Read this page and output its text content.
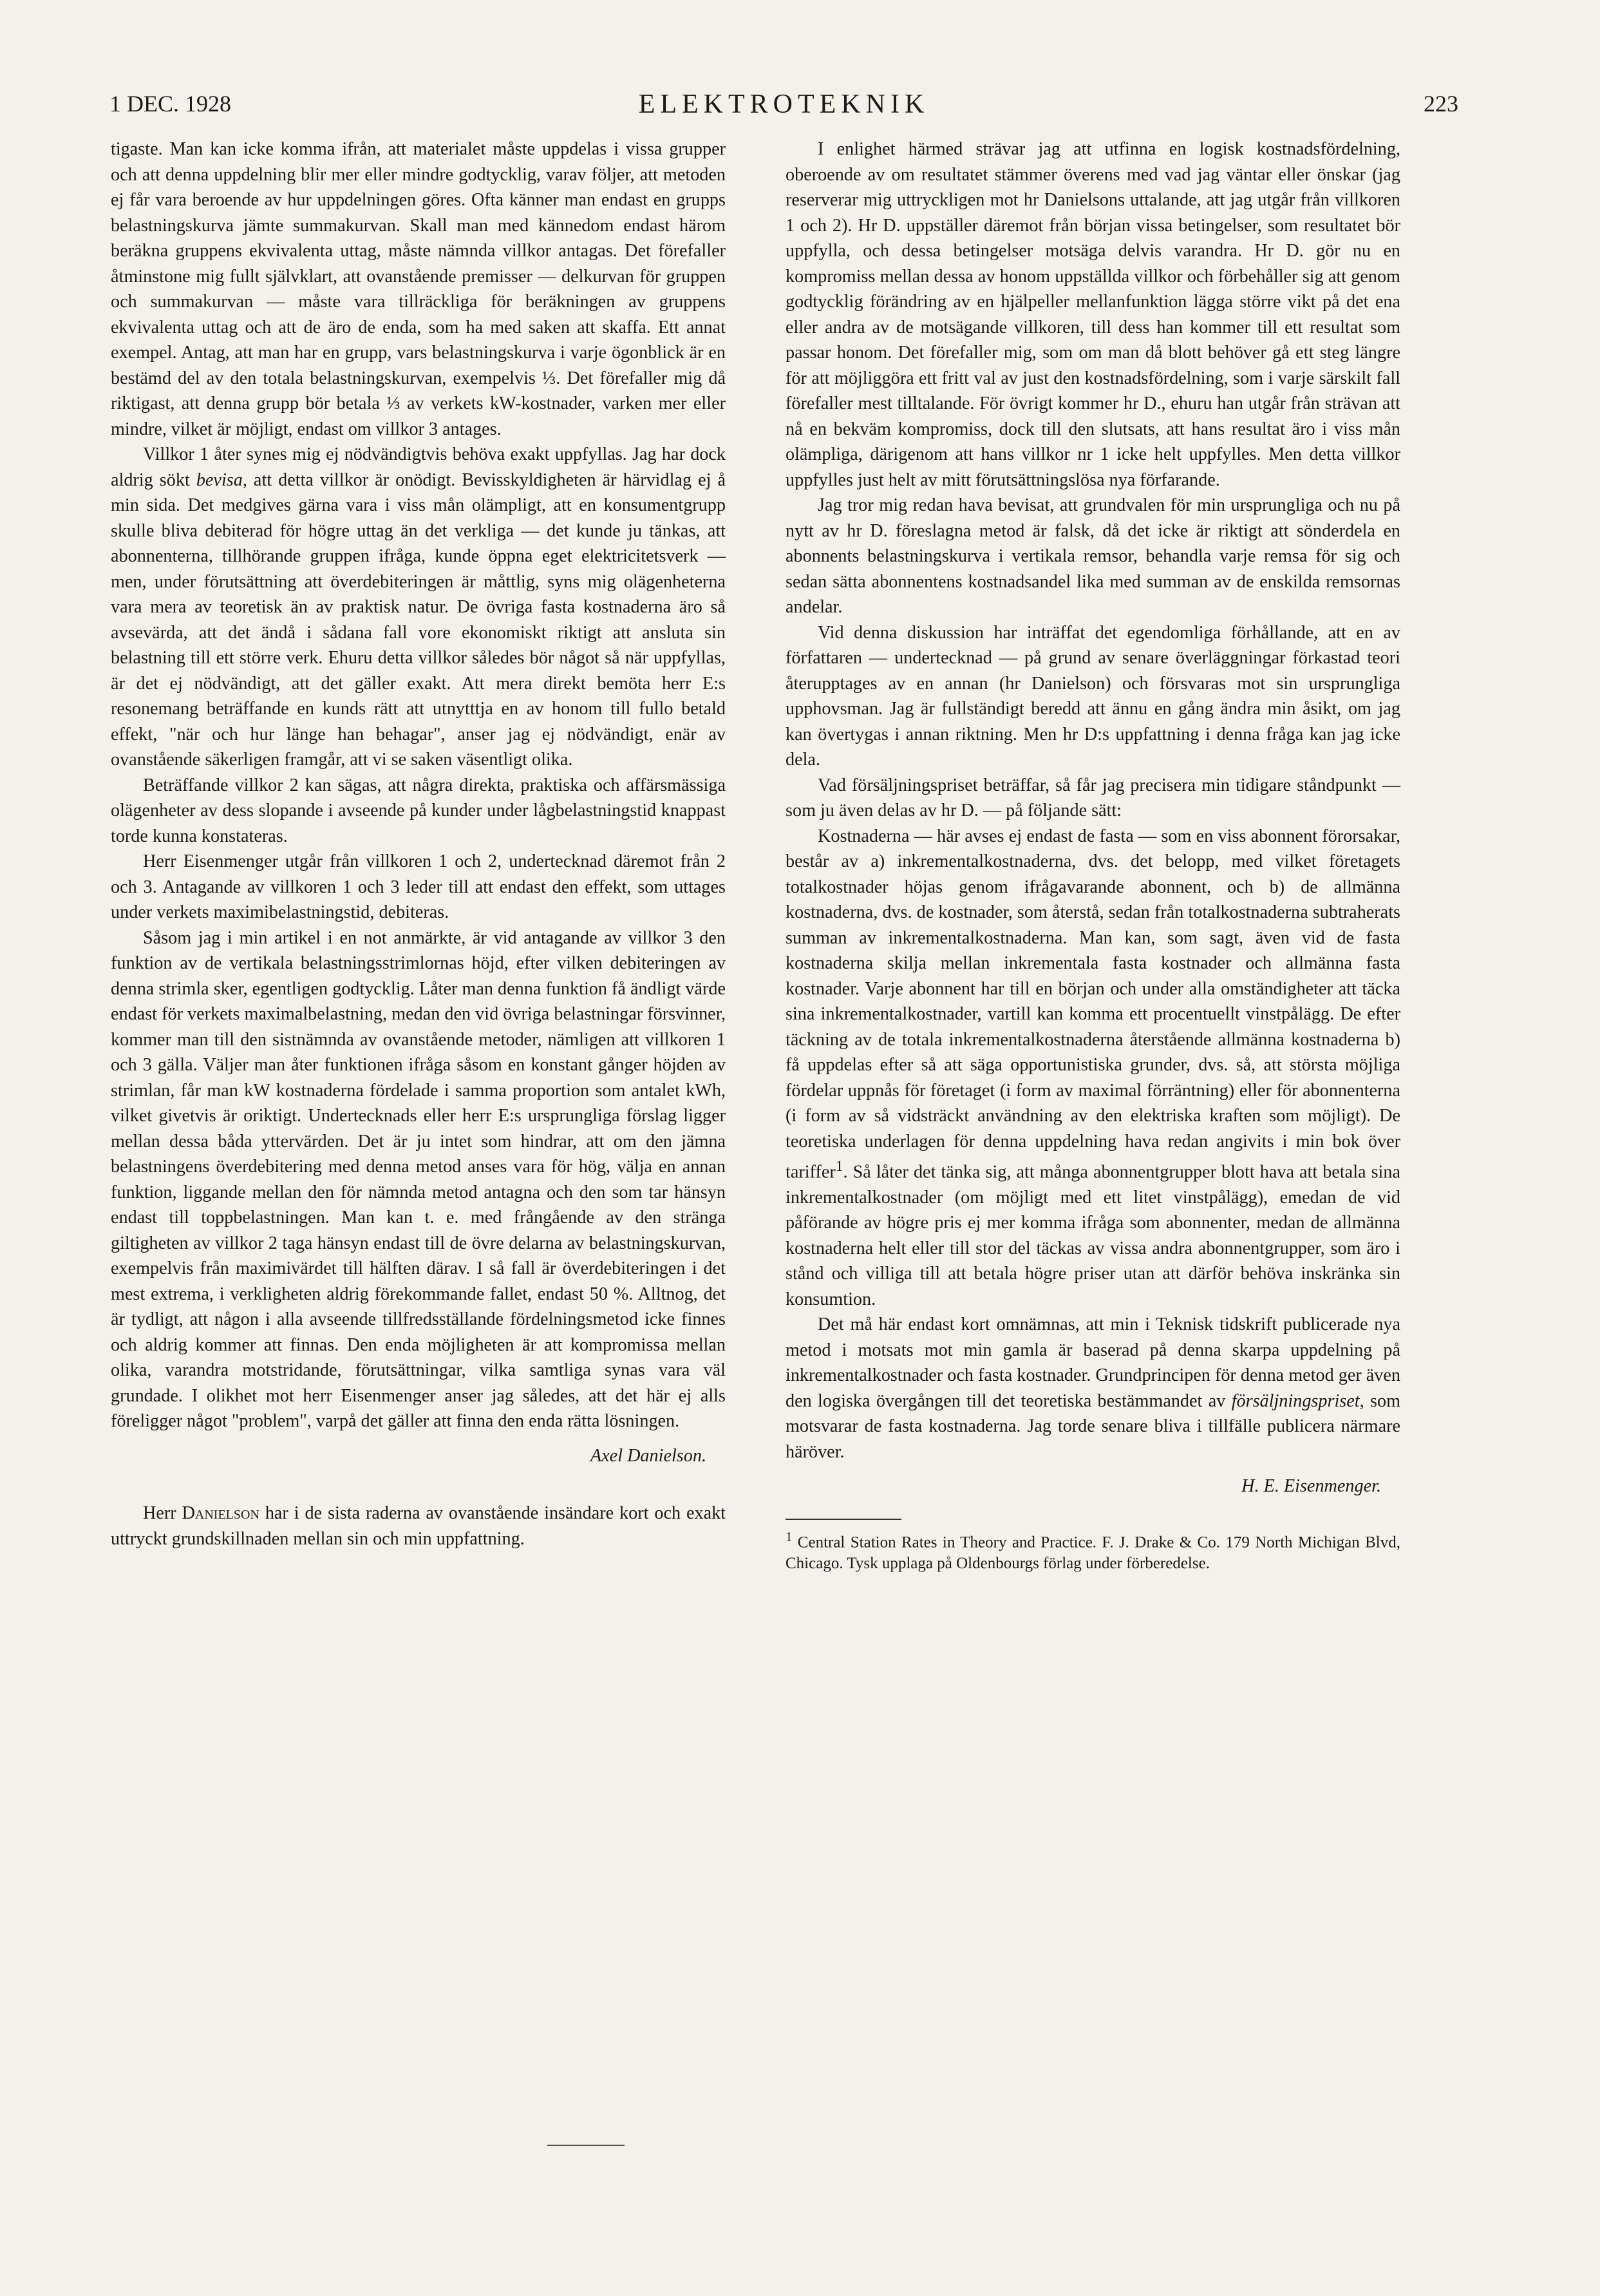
1 DEC. 1928	ELEKTROTEKNIK	223

tigaste. Man kan icke komma ifrån, att materialet måste uppdelas i vissa grupper och att denna uppdelning blir mer eller mindre godtycklig, varav följer, att metoden ej får vara beroende av hur uppdelningen göres. Ofta känner man endast en grupps belastningskurva jämte summakurvan. Skall man med kännedom endast härom beräkna gruppens ekvivalenta uttag, måste nämnda villkor antagas. Det förefaller åtminstone mig fullt självklart, att ovanstående premisser — delkurvan för gruppen och summakurvan — måste vara tillräckliga för beräkningen av gruppens ekvivalenta uttag och att de äro de enda, som ha med saken att skaffa. Ett annat exempel. Antag, att man har en grupp, vars belastningskurva i varje ögonblick är en bestämd del av den totala belastningskurvan, exempelvis ⅓. Det förefaller mig då riktigast, att denna grupp bör betala ⅓ av verkets kW-kostnader, varken mer eller mindre, vilket är möjligt, endast om villkor 3 antages.

Villkor 1 åter synes mig ej nödvändigtvis behöva exakt uppfyllas. Jag har dock aldrig sökt bevisa, att detta villkor är onödigt. Bevisskyldigheten är härvidlag ej å min sida. Det medgives gärna vara i viss mån olämpligt, att en konsumentgrupp skulle bliva debiterad för högre uttag än det verkliga — det kunde ju tänkas, att abonnenterna, tillhörande gruppen ifråga, kunde öppna eget elektricitetsverk — men, under förutsättning att överdebiteringen är måttlig, syns mig olägenheterna vara mera av teoretisk än av praktisk natur. De övriga fasta kostnaderna äro så avsevärda, att det ändå i sådana fall vore ekonomiskt riktigt att ansluta sin belastning till ett större verk. Ehuru detta villkor således bör något så när uppfyllas, är det ej nödvändigt, att det gäller exakt. Att mera direkt bemöta herr E:s resonemang beträffande en kunds rätt att utnytttja en av honom till fullo betald effekt, "när och hur länge han behagar", anser jag ej nödvändigt, enär av ovanstående säkerligen framgår, att vi se saken väsentligt olika.

Beträffande villkor 2 kan sägas, att några direkta, praktiska och affärsmässiga olägenheter av dess slopande i avseende på kunder under lågbelastningstid knappast torde kunna konstateras.

Herr Eisenmenger utgår från villkoren 1 och 2, undertecknad däremot från 2 och 3. Antagande av villkoren 1 och 3 leder till att endast den effekt, som uttages under verkets maximibelastningstid, debiteras.

Såsom jag i min artikel i en not anmärkte, är vid antagande av villkor 3 den funktion av de vertikala belastningsstrimlornas höjd, efter vilken debiteringen av denna strimla sker, egentligen godtycklig. Låter man denna funktion få ändligt värde endast för verkets maximalbelastning, medan den vid övriga belastningar försvinner, kommer man till den sistnämnda av ovanstående metoder, nämligen att villkoren 1 och 3 gälla. Väljer man åter funktionen ifråga såsom en konstant gånger höjden av strimlan, får man kW kostnaderna fördelade i samma proportion som antalet kWh, vilket givetvis är oriktigt. Undertecknads eller herr E:s ursprungliga förslag ligger mellan dessa båda yttervärden. Det är ju intet som hindrar, att om den jämna belastningens överdebitering med denna metod anses vara för hög, välja en annan funktion, liggande mellan den för nämnda metod antagna och den som tar hänsyn endast till toppbelastningen. Man kan t. e. med frångående av den stränga giltigheten av villkor 2 taga hänsyn endast till de övre delarna av belastningskurvan, exempelvis från maximivärdet till hälften därav. I så fall är överdebiteringen i det mest extrema, i verkligheten aldrig förekommande fallet, endast 50 %. Alltnog, det är tydligt, att någon i alla avseende tillfredsställande fördelningsmetod icke finnes och aldrig kommer att finnas. Den enda möjligheten är att kompromissa mellan olika, varandra motstridande, förutsättningar, vilka samtliga synas vara väl grundade. I olikhet mot herr Eisenmenger anser jag således, att det här ej alls föreligger något "problem", varpå det gäller att finna den enda rätta lösningen.

Axel Danielson.

Herr Danielson har i de sista raderna av ovanstående insändare kort och exakt uttryckt grundskillnaden mellan sin och min uppfattning.

I enlighet härmed strävar jag att utfinna en logisk kostnadsfördelning, oberoende av om resultatet stämmer överens med vad jag väntar eller önskar (jag reserverar mig uttryckligen mot hr Danielsons uttalande, att jag utgår från villkoren 1 och 2). Hr D. uppställer däremot från början vissa betingelser, som resultatet bör uppfylla, och dessa betingelser motsäga delvis varandra. Hr D. gör nu en kompromiss mellan dessa av honom uppställda villkor och förbehåller sig att genom godtycklig förändring av en hjälpeller mellanfunktion lägga större vikt på det ena eller andra av de motsägande villkoren, till dess han kommer till ett resultat som passar honom. Det förefaller mig, som om man då blott behöver gå ett steg längre för att möjliggöra ett fritt val av just den kostnadsfördelning, som i varje särskilt fall förefaller mest tilltalande. För övrigt kommer hr D., ehuru han utgår från strävan att nå en bekväm kompromiss, dock till den slutsats, att hans resultat äro i viss mån olämpliga, därigenom att hans villkor nr 1 icke helt uppfylles. Men detta villkor uppfylles just helt av mitt förutsättningslösa nya förfarande.

Jag tror mig redan hava bevisat, att grundvalen för min ursprungliga och nu på nytt av hr D. föreslagna metod är falsk, då det icke är riktigt att sönderdela en abonnents belastningskurva i vertikala remsor, behandla varje remsa för sig och sedan sätta abonnentens kostnadsandel lika med summan av de enskilda remsornas andelar.

Vid denna diskussion har inträffat det egendomliga förhållande, att en av författaren — undertecknad — på grund av senare överläggningar förkastad teori återupptages av en annan (hr Danielson) och försvaras mot sin ursprungliga upphovsman. Jag är fullständigt beredd att ännu en gång ändra min åsikt, om jag kan övertygas i annan riktning. Men hr D:s uppfattning i denna fråga kan jag icke dela.

Vad försäljningspriset beträffar, så får jag precisera min tidigare ståndpunkt — som ju även delas av hr D. — på följande sätt:

Kostnaderna — här avses ej endast de fasta — som en viss abonnent förorsakar, består av a) inkrementalkostnaderna, dvs. det belopp, med vilket företagets totalkostnader höjas genom ifrågavarande abonnent, och b) de allmänna kostnaderna, dvs. de kostnader, som återstå, sedan från totalkostnaderna subtraherats summan av inkrementalkostnaderna. Man kan, som sagt, även vid de fasta kostnaderna skilja mellan inkrementala fasta kostnader och allmänna fasta kostnader. Varje abonnent har till en början och under alla omständigheter att täcka sina inkrementalkostnader, vartill kan komma ett procentuellt vinstpålägg. De efter täckning av de totala inkrementalkostnaderna återstående allmänna kostnaderna b) få uppdelas efter så att säga opportunistiska grunder, dvs. så, att största möjliga fördelar uppnås för företaget (i form av maximal förräntning) eller för abonnenterna (i form av så vidsträckt användning av den elektriska kraften som möjligt). De teoretiska underlagen för denna uppdelning hava redan angivits i min bok över tariffer$^1$. Så låter det tänka sig, att många abonnentgrupper blott hava att betala sina inkrementalkostnader (om möjligt med ett litet vinstpålägg), emedan de vid påförande av högre pris ej mer komma ifråga som abonnenter, medan de allmänna kostnaderna helt eller till stor del täckas av vissa andra abonnentgrupper, som äro i stånd och villiga till att betala högre priser utan att därför behöva inskränka sin konsumtion.

Det må här endast kort omnämnas, att min i Teknisk tidskrift publicerade nya metod i motsats mot min gamla är baserad på denna skarpa uppdelning på inkrementalkostnader och fasta kostnader. Grundprincipen för denna metod ger även den logiska övergången till det teoretiska bestämmandet av försäljningspriset, som motsvarar de fasta kostnaderna. Jag torde senare bliva i tillfälle publicera närmare häröver.

H. E. Eisenmenger.

$^1$ Central Station Rates in Theory and Practice. F. J. Drake & Co. 179 North Michigan Blvd, Chicago. Tysk upplaga på Oldenbourgs förlag under förberedelse.
